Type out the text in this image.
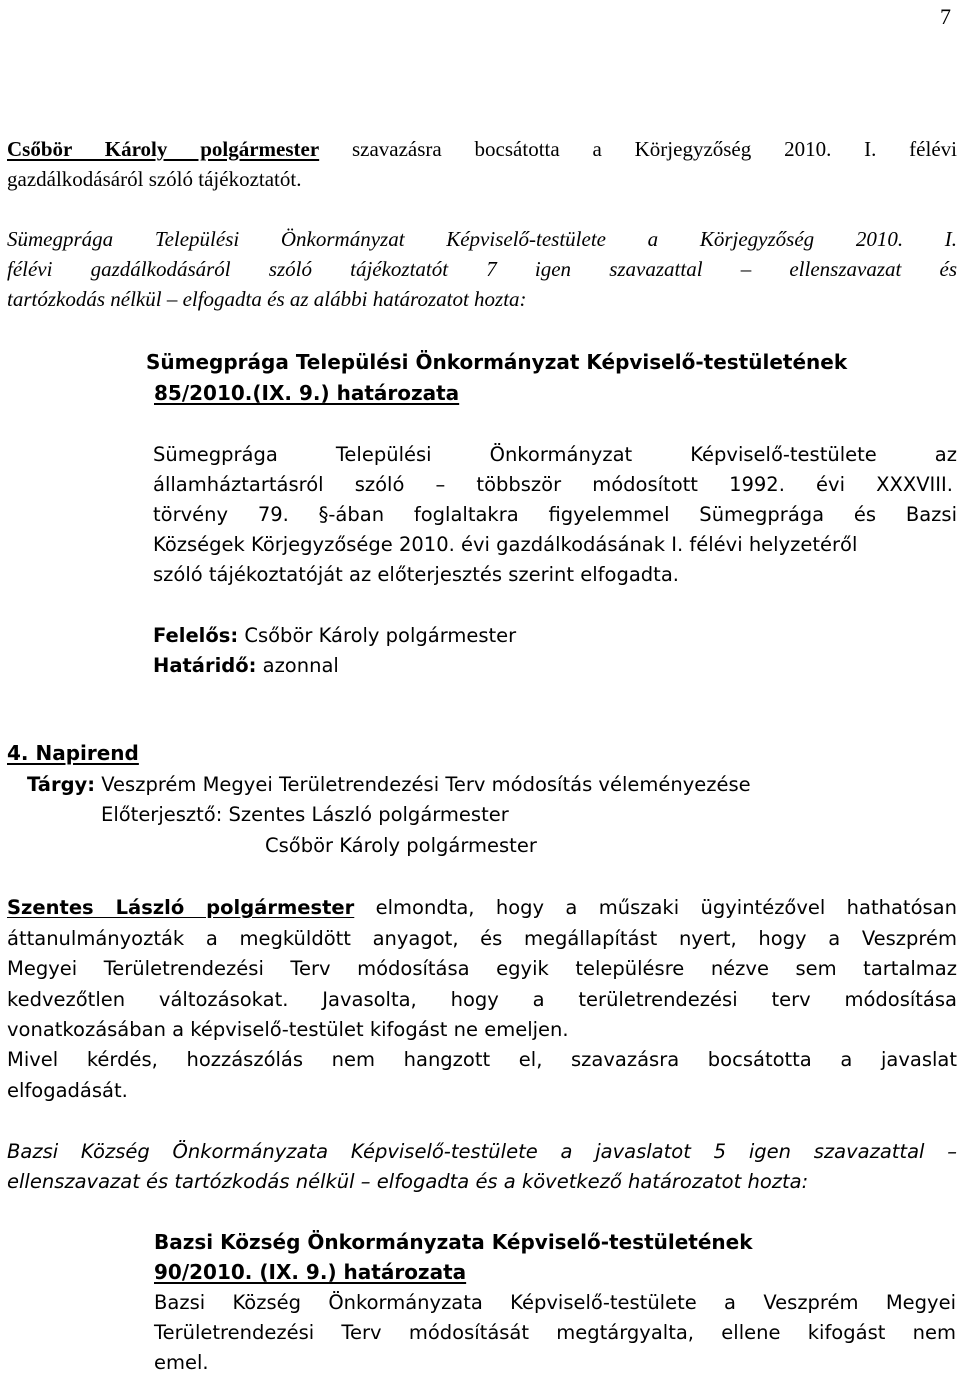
7
Csőbör Károly polgármester szavazásra bocsátotta a Körjegyzőség 2010. I. félévi
gazdálkodásáról szóló tájékoztatót.
Sümegprága Települési Önkormányzat Képviselő-testülete a Körjegyzőség 2010. I.
félévi gazdálkodásáról szóló tájékoztatót 7 igen szavazattal – ellenszavazat és
tartózkodás nélkül – elfogadta és az alábbi határozatot hozta:
Sümegprága Települési Önkormányzat Képviselő-testületének
85/2010.(IX. 9.) határozata
Sümegprága Települési Önkormányzat Képviselő-testülete az
államháztartásról szóló – többször módosított 1992. évi XXXVIII.
törvény 79. §-ában foglaltakra figyelemmel Sümegprága és Bazsi
Községek Körjegyzősége 2010. évi gazdálkodásának I. félévi helyzetéről
szóló tájékoztatóját az előterjesztés szerint elfogadta.
Felelős: Csőbör Károly polgármester
Határidő: azonnal
4. Napirend
Tárgy: Veszprém Megyei Területrendezési Terv módosítás véleményezése
Előterjesztő: Szentes László polgármester
Csőbör Károly polgármester
Szentes László polgármester elmondta, hogy a műszaki ügyintézővel hathatósan
áttanulmányozták a megküldött anyagot, és megállapítást nyert, hogy a Veszprém
Megyei Területrendezési Terv módosítása egyik településre nézve sem tartalmaz
kedvezőtlen változásokat. Javasolta, hogy a területrendezési terv módosítása
vonatkozásában a képviselő-testület kifogást ne emeljen.
Mivel kérdés, hozzászólás nem hangzott el, szavazásra bocsátotta a javaslat
elfogadását.
Bazsi Község Önkormányzata Képviselő-testülete a javaslatot 5 igen szavazattal –
ellenszavazat és tartózkodás nélkül – elfogadta és a következő határozatot hozta:
Bazsi Község Önkormányzata Képviselő-testületének
90/2010. (IX. 9.) határozata
Bazsi Község Önkormányzata Képviselő-testülete a Veszprém Megyei
Területrendezési Terv módosítását megtárgyalta, ellene kifogást nem
emel.
